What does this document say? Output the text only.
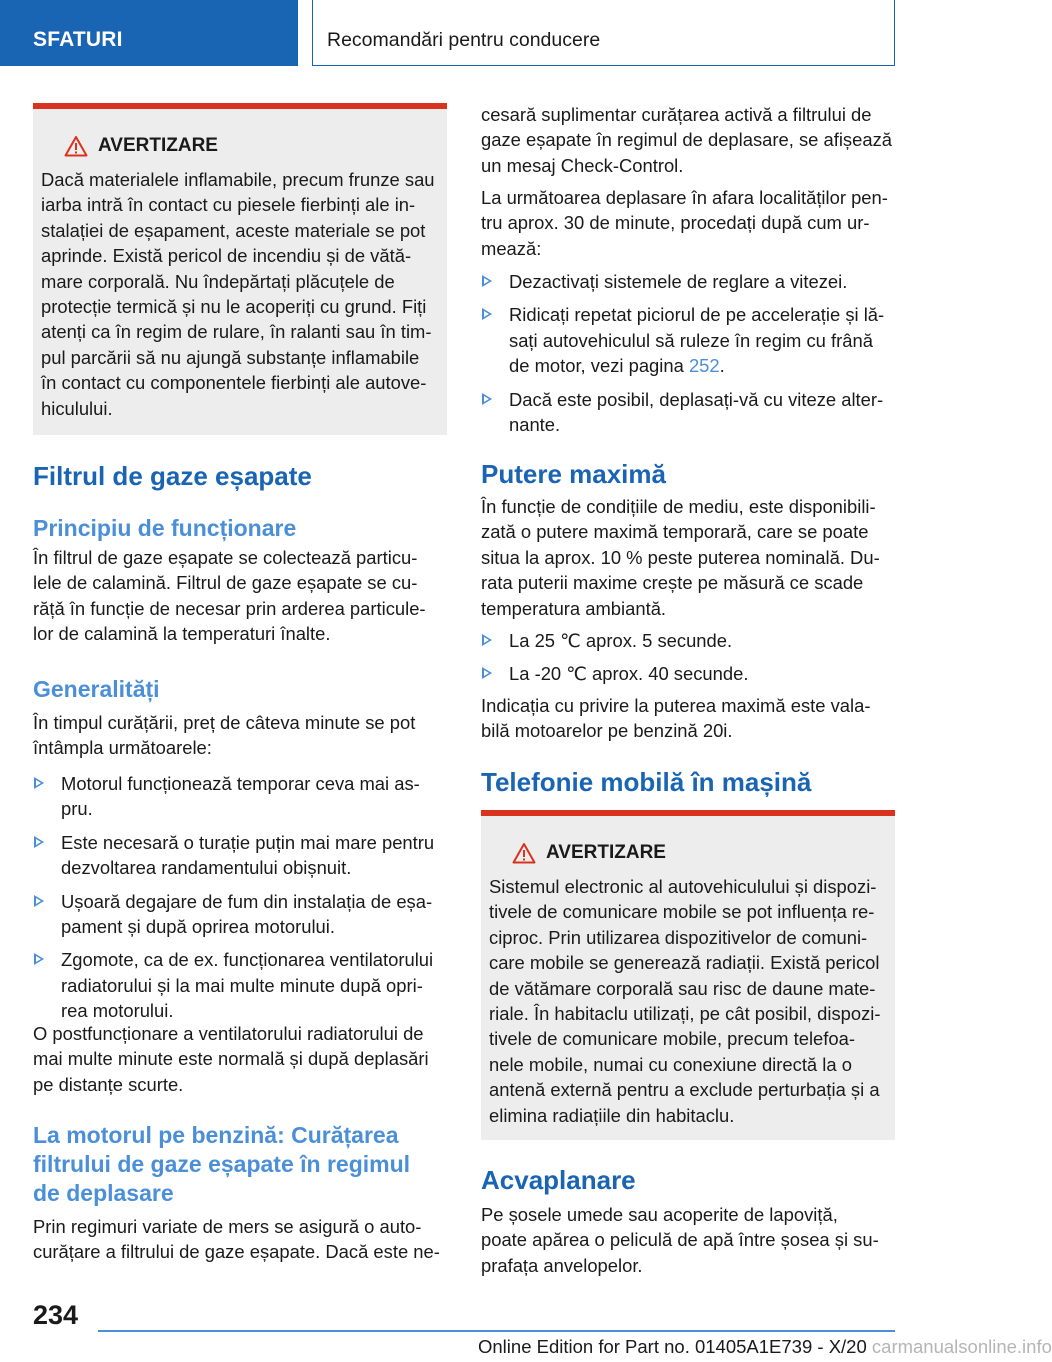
SFATURI	Recomandări pentru conducere
AVERTIZARE

Dacă materialele inflamabile, precum frunze sau

iarba intră în contact cu piesele fierbinți ale in‐

stalației de eșapament, aceste materiale se pot

aprinde. Există pericol de incendiu și de vătă‐

mare corporală. Nu îndepărtați plăcuțele de

protecție termică și nu le acoperiți cu grund. Fiți

atenți ca în regim de rulare, în ralanti sau în tim‐

pul parcării să nu ajungă substanțe inflamabile

în contact cu componentele fierbinți ale autove‐

hiculului.

Filtrul de gaze eșapate
Principiu de funcționare

În filtrul de gaze eșapate se colectează particu‐

lele de calamină. Filtrul de gaze eșapate se cu‐

rățǎ în funcție de necesar prin arderea particule‐

lor de calamină la temperaturi înalte.

Generalități

În timpul curățării, preț de câteva minute se pot

întâmpla următoarele:

Motorul funcționează temporar ceva mai as‐
pru.
Este necesară o turație puțin mai mare pentru
dezvoltarea randamentului obișnuit.
Ușoară degajare de fum din instalația de eșa‐
pament și după oprirea motorului.
Zgomote, ca de ex. funcționarea ventilatorului
radiatorului și la mai multe minute după opri‐
rea motorului.

O postfuncționare a ventilatorului radiatorului de

mai multe minute este normală și după deplasări

pe distanțe scurte.

La motorul pe benzină: Curățarea
filtrului de gaze eșapate în regimul
de deplasare

Prin regimuri variate de mers se asigură o auto‐

curățare a filtrului de gaze eșapate. Dacă este ne‐

cesară suplimentar curățarea activă a filtrului de

gaze eșapate în regimul de deplasare, se afișează

un mesaj Check-Control.

La următoarea deplasare în afara localităților pen‐

tru aprox. 30 de minute, procedați după cum ur‐

mează:

Dezactivați sistemele de reglare a vitezei.
Ridicați repetat piciorul de pe accelerație și lă‐
sați autovehiculul să ruleze în regim cu frână
de motor, vezi pagina 252.
Dacă este posibil, deplasați-vă cu viteze alter‐
nante.
Putere maximă

În funcție de condițiile de mediu, este disponibili‐

zată o putere maximă temporară, care se poate

situa la aprox. 10 % peste puterea nominală. Du‐

rata puterii maxime crește pe măsură ce scade

temperatura ambiantă.

La 25 ℃ aprox. 5 secunde.
La -20 ℃ aprox. 40 secunde.

Indicația cu privire la puterea maximă este vala‐

bilă motoarelor pe benzină 20i.

Telefonie mobilă în mașină
AVERTIZARE

Sistemul electronic al autovehiculului și dispozi‐

tivele de comunicare mobile se pot influența re‐

ciproc. Prin utilizarea dispozitivelor de comuni‐

care mobile se generează radiații. Există pericol

de vătămare corporală sau risc de daune mate‐

riale. În habitaclu utilizați, pe cât posibil, dispozi‐

tivele de comunicare mobile, precum telefoa‐

nele mobile, numai cu conexiune directă la o

antenă externă pentru a exclude perturbația și a

elimina radiațiile din habitaclu.

Acvaplanare

Pe șosele umede sau acoperite de lapoviță,

poate apărea o peliculă de apă între șosea și su‐

prafața anvelopelor.

234
Online Edition for Part no. 01405A1E739 - X/20 carmanualsonline.info
